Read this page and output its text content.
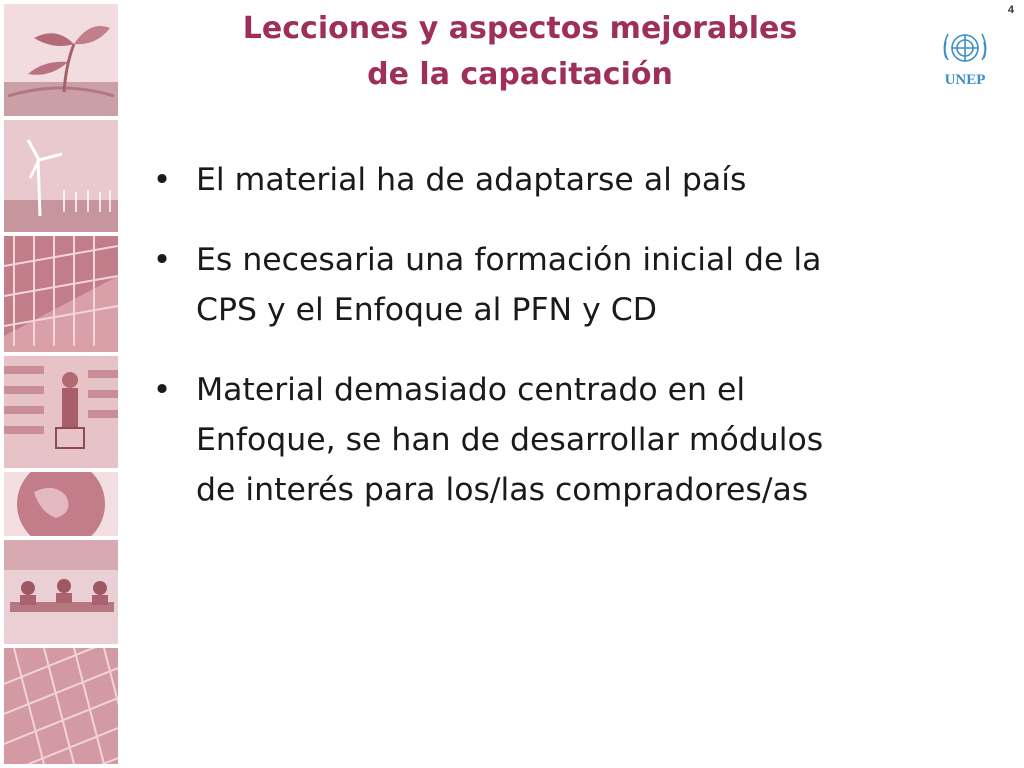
4
UNEP
Lecciones y aspectos mejorables
de la capacitación
• El material ha de adaptarse al país
• Es necesaria una formación inicial de la
CPS y el Enfoque al PFN y CD
• Material demasiado centrado en el
Enfoque, se han de desarrollar módulos
de interés para los/las compradores/as
